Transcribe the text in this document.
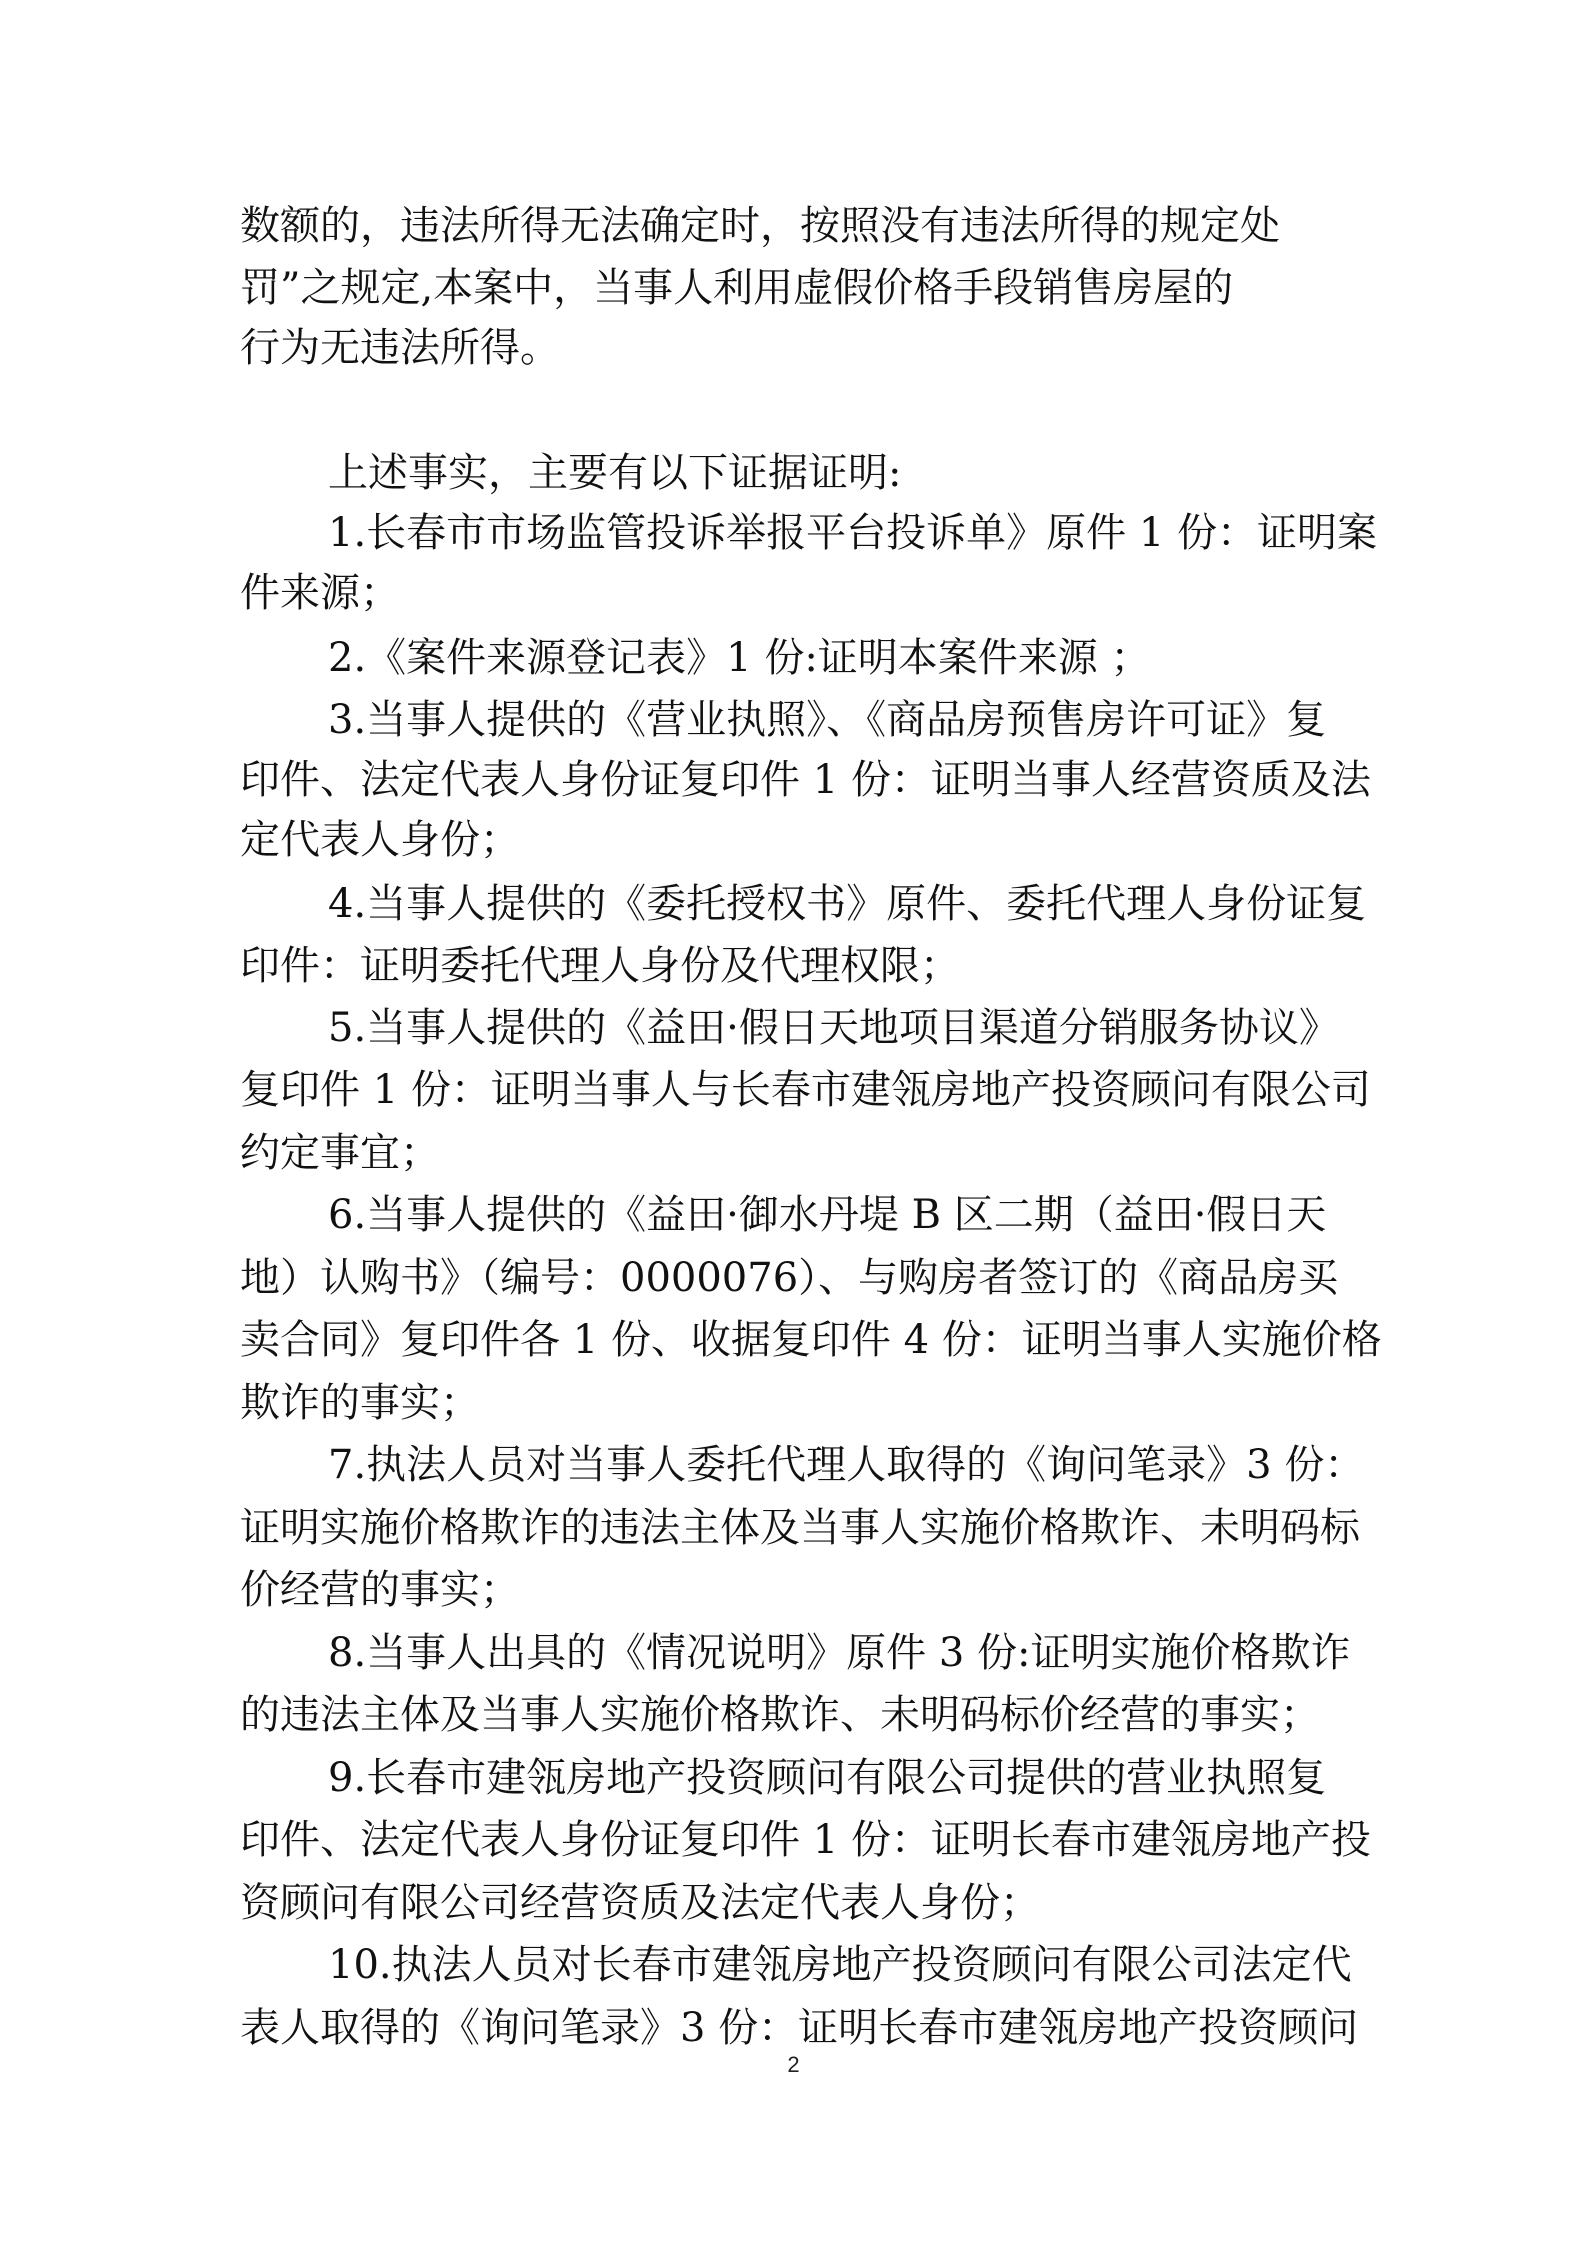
数额的，违法所得无法确定时，按照没有违法所得的规定处

罚”之规定,本案中，当事人利用虚假价格手段销售房屋的

行为无违法所得。

上述事实，主要有以下证据证明:

1.长春市市场监管投诉举报平台投诉单》原件 1 份：证明案

件来源；

2.《案件来源登记表》1 份:证明本案件来源 ；

3.当事人提供的《营业执照》、《商品房预售房许可证》复

印件、法定代表人身份证复印件 1 份：证明当事人经营资质及法

定代表人身份；

4.当事人提供的《委托授权书》原件、委托代理人身份证复

印件：证明委托代理人身份及代理权限；

5.当事人提供的《益田·假日天地项目渠道分销服务协议》

复印件 1 份：证明当事人与长春市建瓴房地产投资顾问有限公司

约定事宜；

6.当事人提供的《益田·御水丹堤 B 区二期（益田·假日天

地）认购书》（编号：0000076）、与购房者签订的《商品房买

卖合同》复印件各 1 份、收据复印件 4 份：证明当事人实施价格

欺诈的事实；

7.执法人员对当事人委托代理人取得的《询问笔录》3 份：

证明实施价格欺诈的违法主体及当事人实施价格欺诈、未明码标

价经营的事实；

8.当事人出具的《情况说明》原件 3 份:证明实施价格欺诈

的违法主体及当事人实施价格欺诈、未明码标价经营的事实；

9.长春市建瓴房地产投资顾问有限公司提供的营业执照复

印件、法定代表人身份证复印件 1 份：证明长春市建瓴房地产投

资顾问有限公司经营资质及法定代表人身份；

10.执法人员对长春市建瓴房地产投资顾问有限公司法定代

表人取得的《询问笔录》3 份：证明长春市建瓴房地产投资顾问

2
